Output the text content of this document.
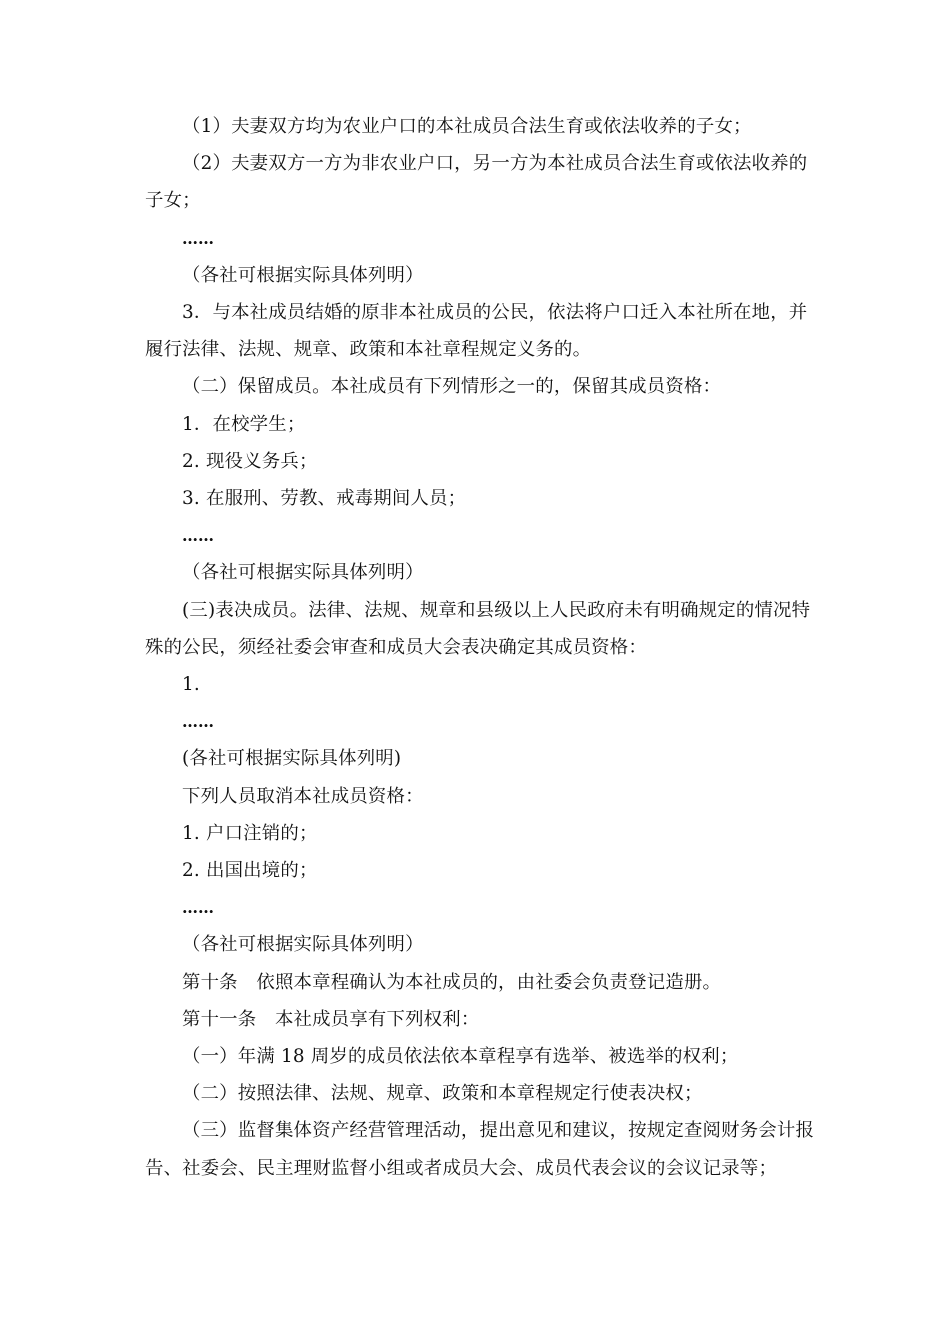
（1）夫妻双方均为农业户口的本社成员合法生育或依法收养的子女；

（2）夫妻双方一方为非农业户口，另一方为本社成员合法生育或依法收养的子女；

……

（各社可根据实际具体列明）

3．与本社成员结婚的原非本社成员的公民，依法将户口迁入本社所在地，并履行法律、法规、规章、政策和本社章程规定义务的。

（二）保留成员。本社成员有下列情形之一的，保留其成员资格：

1．在校学生；

2. 现役义务兵；

3. 在服刑、劳教、戒毒期间人员；

……

（各社可根据实际具体列明）

(三)表决成员。法律、法规、规章和县级以上人民政府未有明确规定的情况特殊的公民，须经社委会审查和成员大会表决确定其成员资格：

1.

……

(各社可根据实际具体列明)

下列人员取消本社成员资格：

1. 户口注销的；

2. 出国出境的；

……

（各社可根据实际具体列明）

第十条　依照本章程确认为本社成员的，由社委会负责登记造册。

第十一条　本社成员享有下列权利：

（一）年满 18 周岁的成员依法依本章程享有选举、被选举的权利；

（二）按照法律、法规、规章、政策和本章程规定行使表决权；

（三）监督集体资产经营管理活动，提出意见和建议，按规定查阅财务会计报告、社委会、民主理财监督小组或者成员大会、成员代表会议的会议记录等；
